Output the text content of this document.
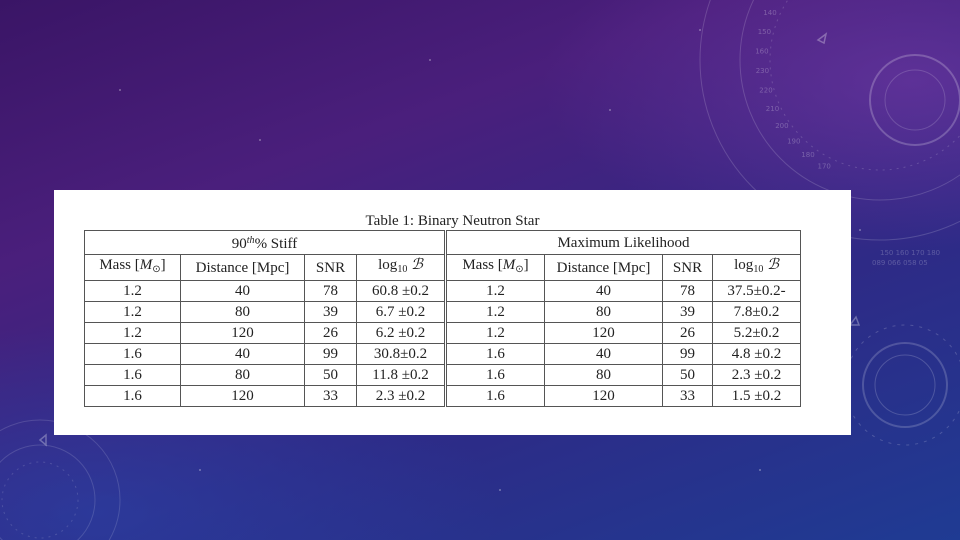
Table 1: Binary Neutron Star
90th% Stiff				Maximum Likelihood			
Mass $[M_⊙]$	Distance [Mpc]	SNR	$\log_{10}$ ℬ	Mass $[M_⊙]$	Distance [Mpc]	SNR	$\log_{10}$ ℬ
1.2	40	78	60.8 ±0.2	1.2	40	78	37.5±0.2-
1.2	80	39	6.7 ±0.2	1.2	80	39	7.8±0.2
1.2	120	26	6.2 ±0.2	1.2	120	26	5.2±0.2
1.6	40	99	30.8±0.2	1.6	40	99	4.8 ±0.2
1.6	80	50	11.8 ±0.2	1.6	80	50	2.3 ±0.2
1.6	120	33	2.3 ±0.2	1.6	120	33	1.5 ±0.2
170
180
190
200
210
220
230
160
150
140
150 160 170 180
089 066 058 05
